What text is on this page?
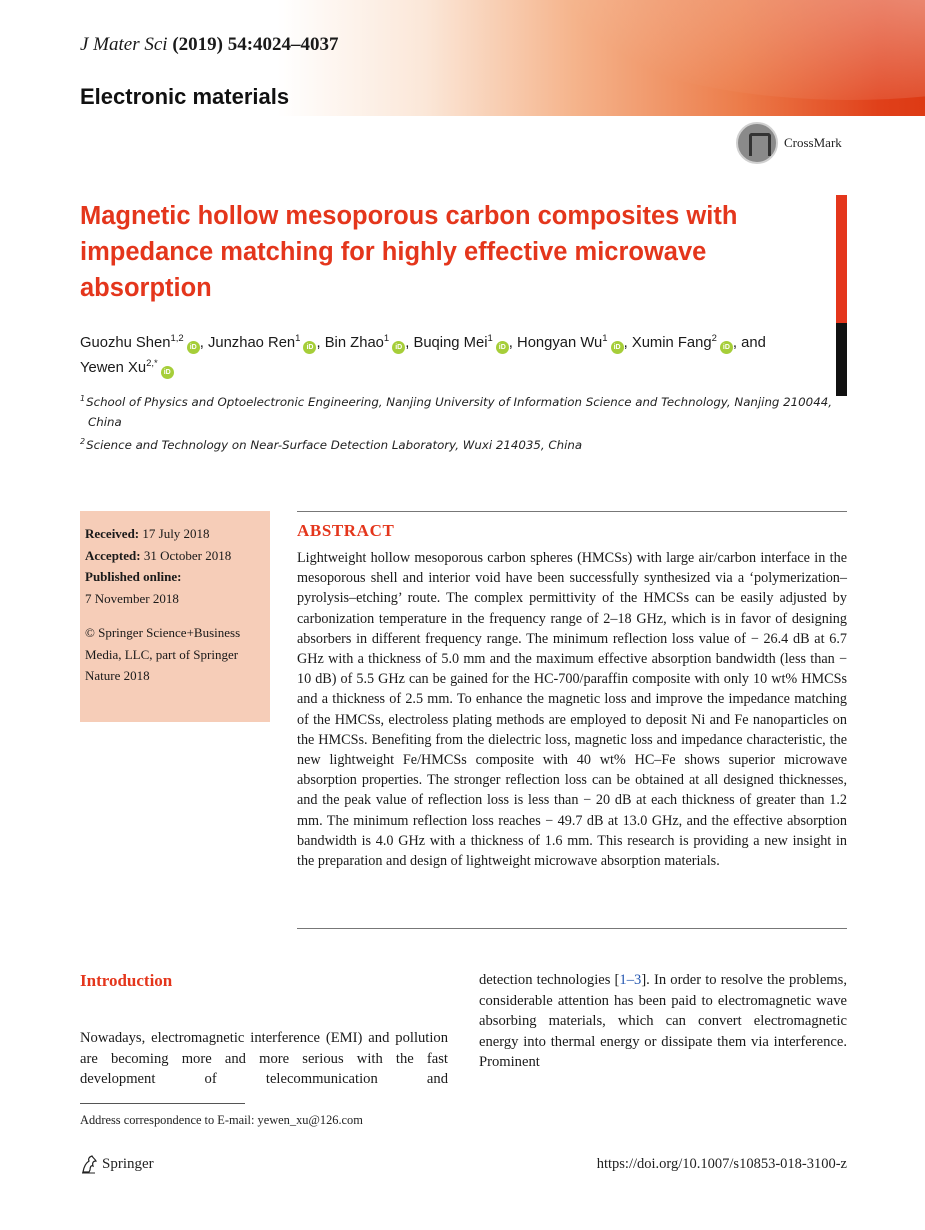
J Mater Sci (2019) 54:4024–4037
Electronic materials
CrossMark
Magnetic hollow mesoporous carbon composites with impedance matching for highly effective microwave absorption
Guozhu Shen$^{1,2}$iD , Junzhao Ren$^1$iD , Bin Zhao$^1$iD , Buqing Mei$^1$iD , Hongyan Wu$^1$iD , Xumin Fang$^2$iD , and
Yewen $Xu^{2,*}iD$
$^1$School of Physics and Optoelectronic Engineering, Nanjing University of Information Science and Technology, Nanjing 210044,
China
$^2$Science and Technology on Near-Surface Detection Laboratory, Wuxi 214035, China
Received: 17 July 2018
Accepted: 31 October 2018
Published online:
7 November 2018
© Springer Science+Business Media, LLC, part of Springer Nature 2018
ABSTRACT

Lightweight hollow mesoporous carbon spheres (HMCSs) with large air/carbon interface in the mesoporous shell and interior void have been successfully synthesized via a ‘polymerization–pyrolysis–etching’ route. The complex permittivity of the HMCSs can be easily adjusted by carbonization temperature in the frequency range of 2–18 GHz, which is in favor of designing absorbers in different frequency range. The minimum reflection loss value of − 26.4 dB at 6.7 GHz with a thickness of 5.0 mm and the maximum effective absorption bandwidth (less than − 10 dB) of 5.5 GHz can be gained for the HC-700/paraffin composite with only 10 wt% HMCSs and a thickness of 2.5 mm. To enhance the magnetic loss and improve the impedance matching of the HMCSs, electroless plating methods are employed to deposit Ni and Fe nanoparticles on the HMCSs. Benefiting from the dielectric loss, magnetic loss and impedance characteristic, the new lightweight Fe/HMCSs composite with 40 wt% HC–Fe shows superior microwave absorption properties. The stronger reflection loss can be obtained at all designed thicknesses, and the peak value of reflection loss is less than − 20 dB at each thickness of greater than 1.2 mm. The minimum reflection loss reaches − 49.7 dB at 13.0 GHz, and the effective absorption bandwidth is 4.0 GHz with a thickness of 1.6 mm. This research is providing a new insight in the preparation and design of lightweight microwave absorption materials.

Introduction

Nowadays, electromagnetic interference (EMI) and pollution are becoming more and more serious with the fast development of telecommunication and

detection technologies [1–3]. In order to resolve the problems, considerable attention has been paid to electromagnetic wave absorbing materials, which can convert electromagnetic energy into thermal energy or dissipate them via interference. Prominent

Address correspondence to E-mail: yewen_xu@126.com
Springer	https://doi.org/10.1007/s10853-018-3100-z
